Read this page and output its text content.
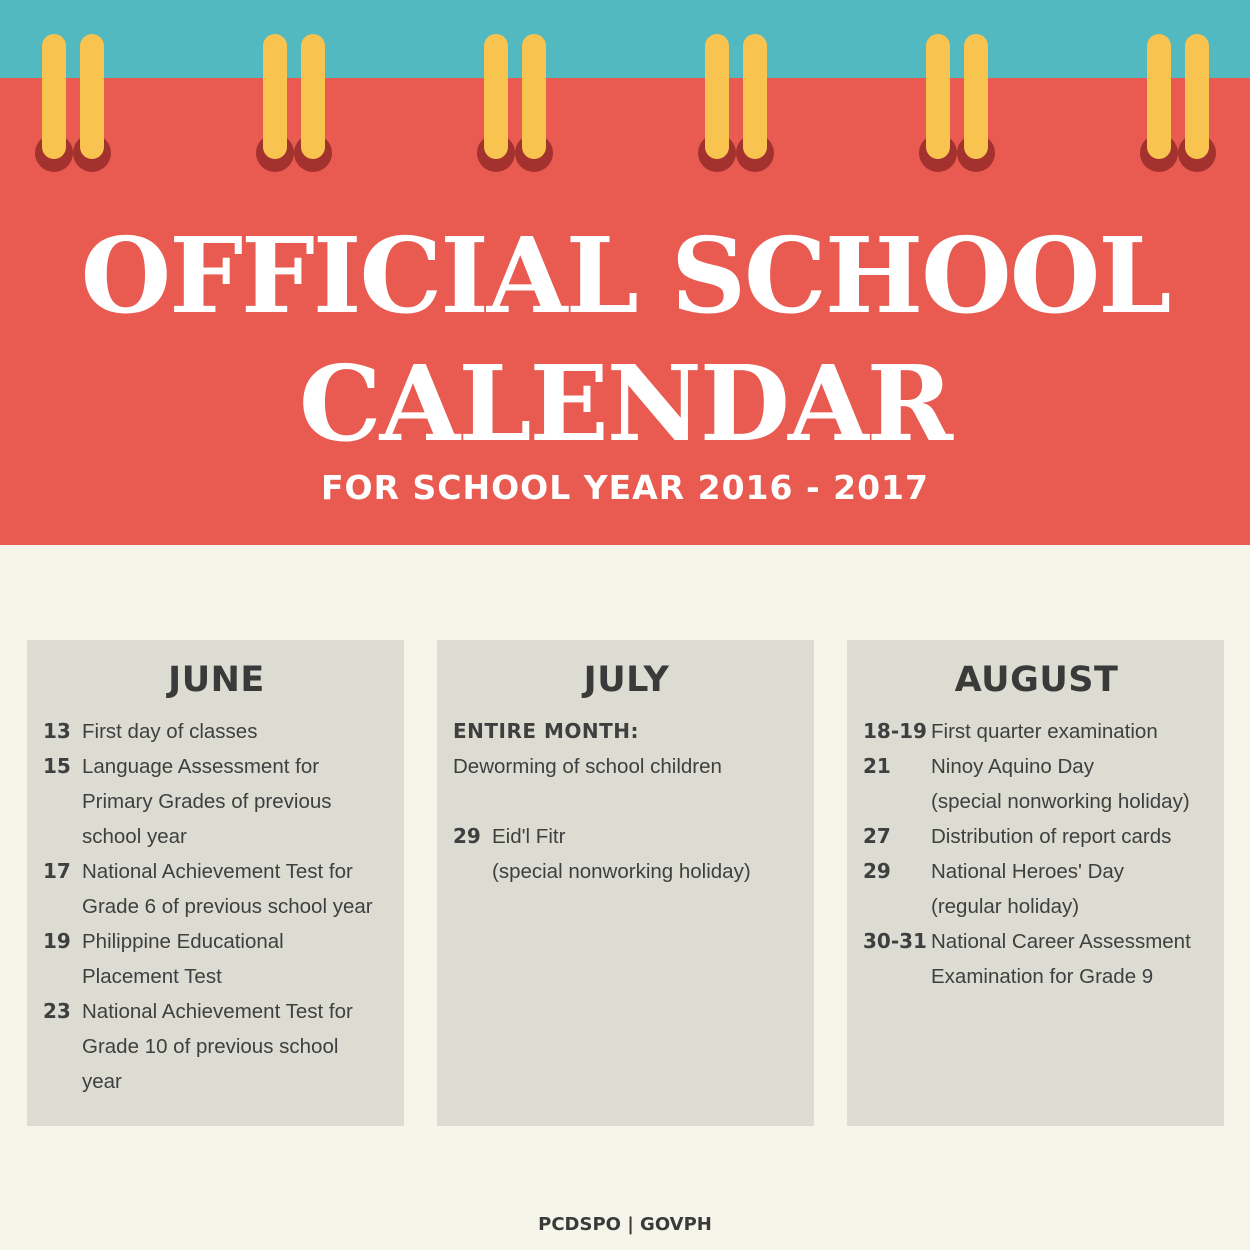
OFFICIAL SCHOOL
CALENDAR
FOR SCHOOL YEAR 2016 - 2017
JUNE
13 First day of classes
15 Language Assessment for
Primary Grades of previous
school year
17 National Achievement Test for
Grade 6 of previous school year
19 Philippine Educational
Placement Test
23 National Achievement Test for
Grade 10 of previous school
year
JULY
ENTIRE MONTH:
Deworming of school children
29 Eid'l Fitr
(special nonworking holiday)
AUGUST
18-19 First quarter examination
21	Ninoy Aquino Day
(special nonworking holiday)
27	Distribution of report cards
29	National Heroes' Day
(regular holiday)
30-31 National Career Assessment
Examination for Grade 9
PCDSPO | GOVPH
